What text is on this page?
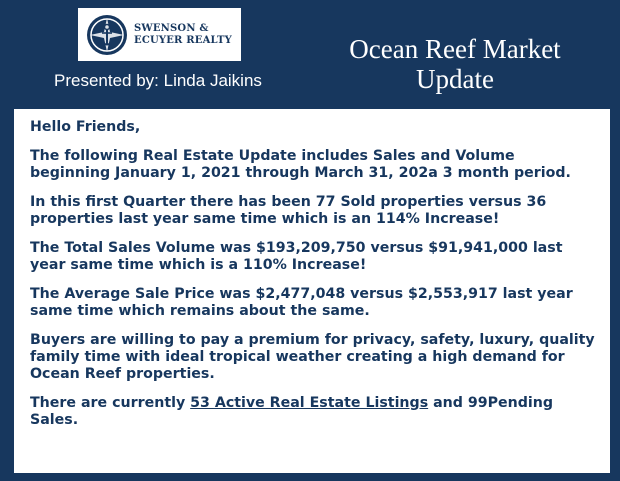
SWENSON &
ECUYER REALTY
Presented by: Linda Jaikins
Ocean Reef Market Update

Hello Friends,

The following Real Estate Update includes Sales and Volume beginning January 1, 2021 through March 31, 202a 3 month period.

In this first Quarter there has been 77 Sold properties versus 36 properties last year same time which is an 114% Increase!

The Total Sales Volume was $193,209,750 versus $91,941,000 last year same time which is a 110% Increase!

The Average Sale Price was $2,477,048 versus $2,553,917 last year same time which remains about the same.

Buyers are willing to pay a premium for privacy, safety, luxury, quality family time with ideal tropical weather creating a high demand for Ocean Reef properties.

There are currently 53 Active Real Estate Listings and 99Pending Sales.
